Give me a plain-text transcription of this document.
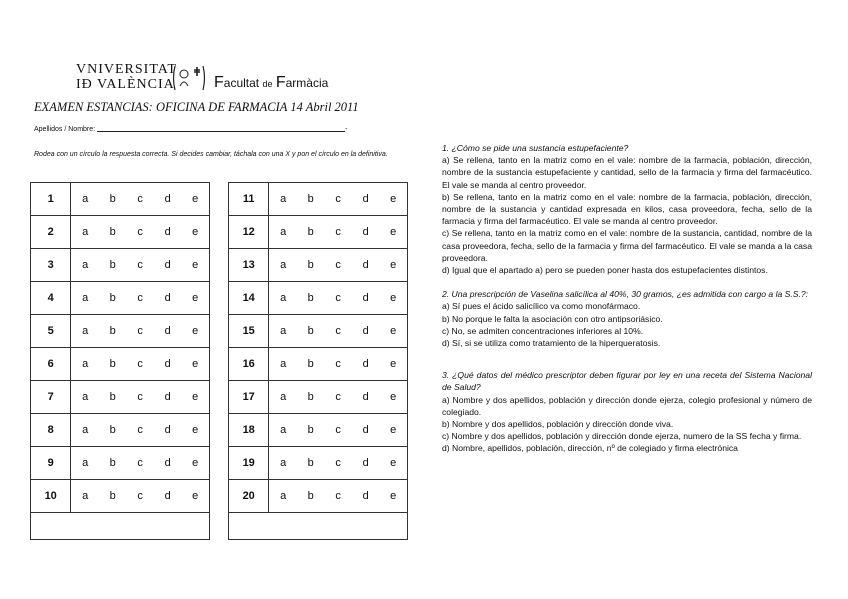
VNIVERSITAT
IÐ VALÈNCIA Facultat de Farmàcia
EXAMEN ESTANCIAS: OFICINA DE FARMACIA 14 Abril 2011
Apellidos / Nombre:	-
Rodea con un círculo la respuesta correcta. Si decides cambiar, táchala con una X y pon el círculo en la definitiva.
1	a	b	c	d	e
2	a	b	c	d	e
3	a	b	c	d	e
4	a	b	c	d	e
5	a	b	c	d	e
6	a	b	c	d	e
7	a	b	c	d	e
8	a	b	c	d	e
9	a	b	c	d	e
10	a	b	c	d	e

11	a	b	c	d	e
12	a	b	c	d	e
13	a	b	c	d	e
14	a	b	c	d	e
15	a	b	c	d	e
16	a	b	c	d	e
17	a	b	c	d	e
18	a	b	c	d	e
19	a	b	c	d	e
20	a	b	c	d	e

1. ¿Cómo se pide una sustancia estupefaciente?

a) Se rellena, tanto en la matriz como en el vale: nombre de la farmacia, población, dirección, nombre de la sustancia estupefaciente y cantidad, sello de la farmacia y firma del farmacéutico. El vale se manda al centro proveedor.

b) Se rellena, tanto en la matriz como en el vale: nombre de la farmacia, población, dirección, nombre de la sustancia y cantidad expresada en kilos, casa proveedora, fecha, sello de la farmacia y firma del farmacéutico. El vale se manda al centro proveedor.

c) Se rellena, tanto en la matriz como en el vale: nombre de la sustancia, cantidad, nombre de la casa proveedora, fecha, sello de la farmacia y firma del farmacéutico. El vale se manda a la casa proveedora.

d) Igual que el apartado a) pero se pueden poner hasta dos estupefacientes distintos.

2. Una prescripción de Vaselina salicílica al 40%, 30 gramos, ¿es admitida con cargo a la S.S.?:

a) Sí pues el ácido salicílico va como monofármaco.

b) No porque le falta la asociación con otro antipsoriásico.

c) No, se admiten concentraciones inferiores al 10%.

d) Sí, si se utiliza como tratamiento de la hiperqueratosis.

3. ¿Qué datos del médico prescriptor deben figurar por ley en una receta del Sistema Nacional de Salud?

a) Nombre y dos apellidos, población y dirección donde ejerza, colegio profesional y número de colegiado.

b) Nombre y dos apellidos, población y dirección donde viva.

c) Nombre y dos apellidos, población y dirección donde ejerza, numero de la SS fecha y firma.

d) Nombre, apellidos, población, dirección, nº de colegiado y firma electrónica
